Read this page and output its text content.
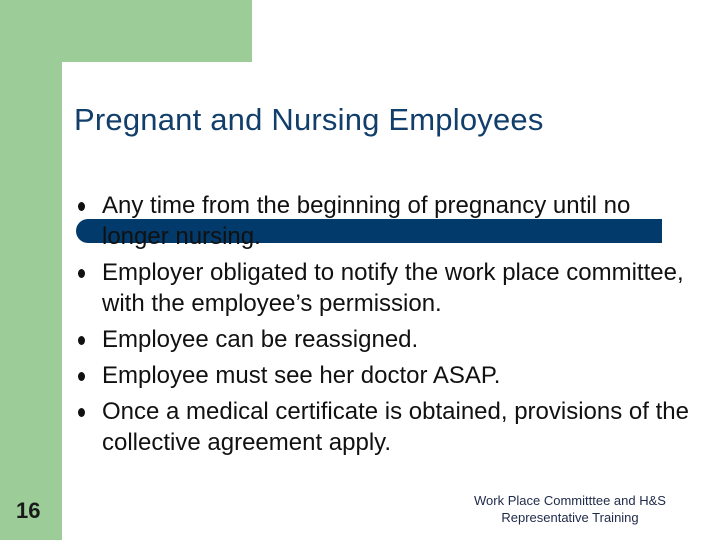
Pregnant and Nursing Employees
Any time from the beginning of pregnancy until no longer nursing.
Employer obligated to notify the work place committee, with the employee’s permission.
Employee can be reassigned.
Employee must see her doctor ASAP.
Once a medical certificate is obtained, provisions of the collective agreement apply.
16	Work Place Committtee and H&S
Representative Training
